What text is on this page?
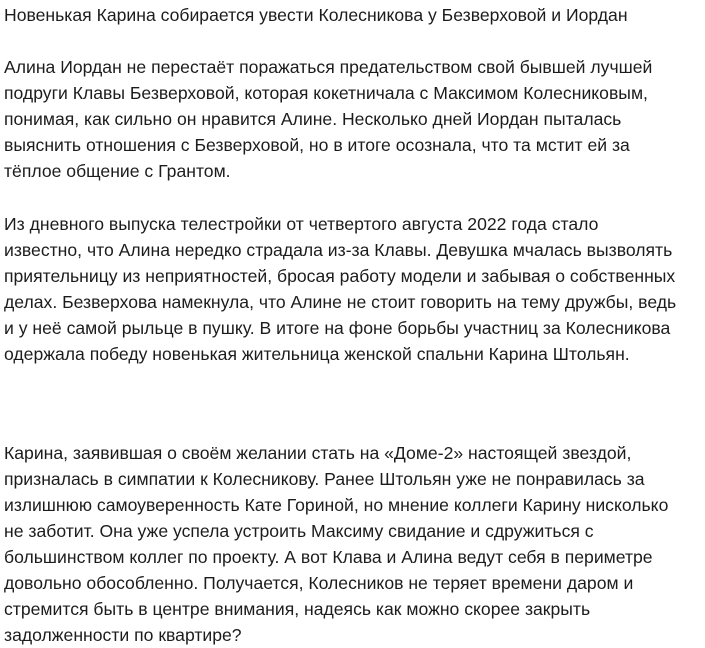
Новенькая Карина собирается увести Колесникова у Безверховой и Иордан

Алина Иордан не перестаёт поражаться предательством свой бывшей лучшей
подруги Клавы Безверховой, которая кокетничала с Максимом Колесниковым,
понимая, как сильно он нравится Алине. Несколько дней Иордан пыталась
выяснить отношения с Безверховой, но в итоге осознала, что та мстит ей за
тёплое общение с Грантом.

Из дневного выпуска телестройки от четвертого августа 2022 года стало
известно, что Алина нередко страдала из-за Клавы. Девушка мчалась вызволять
приятельницу из неприятностей, бросая работу модели и забывая о собственных
делах. Безверхова намекнула, что Алине не стоит говорить на тему дружбы, ведь
и у неё самой рыльце в пушку. В итоге на фоне борьбы участниц за Колесникова
одержала победу новенькая жительница женской спальни Карина Штольян.

Карина, заявившая о своём желании стать на «Доме-2» настоящей звездой,
призналась в симпатии к Колесникову. Ранее Штольян уже не понравилась за
излишнюю самоуверенность Кате Гориной, но мнение коллеги Карину нисколько
не заботит. Она уже успела устроить Максиму свидание и сдружиться с
большинством коллег по проекту. А вот Клава и Алина ведут себя в периметре
довольно обособленно. Получается, Колесников не теряет времени даром и
стремится быть в центре внимания, надеясь как можно скорее закрыть
задолженности по квартире?
